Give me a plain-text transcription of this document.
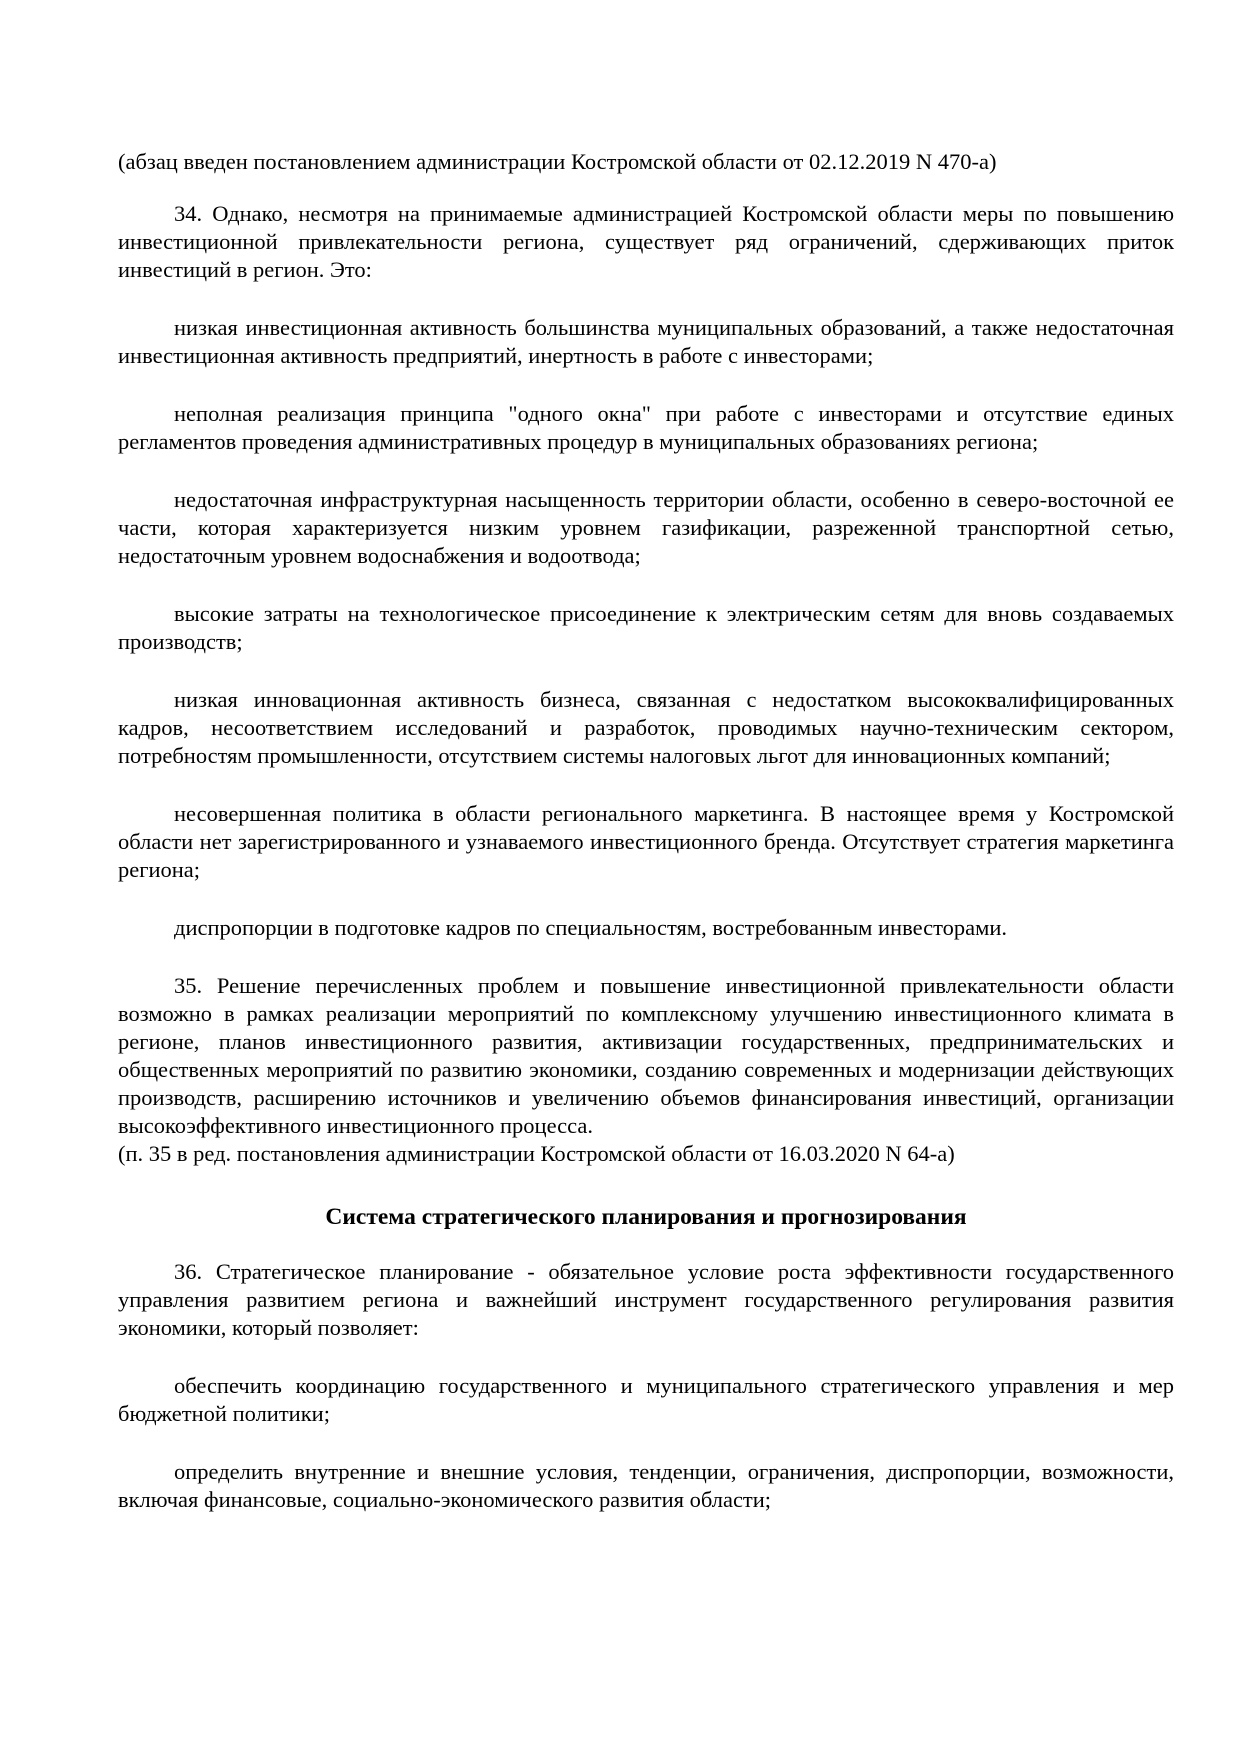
(абзац введен постановлением администрации Костромской области от 02.12.2019 N 470-а)

34. Однако, несмотря на принимаемые администрацией Костромской области меры по повышению инвестиционной привлекательности региона, существует ряд ограничений, сдерживающих приток инвестиций в регион. Это:

низкая инвестиционная активность большинства муниципальных образований, а также недостаточная инвестиционная активность предприятий, инертность в работе с инвесторами;

неполная реализация принципа "одного окна" при работе с инвесторами и отсутствие единых регламентов проведения административных процедур в муниципальных образованиях региона;

недостаточная инфраструктурная насыщенность территории области, особенно в северо-восточной ее части, которая характеризуется низким уровнем газификации, разреженной транспортной сетью, недостаточным уровнем водоснабжения и водоотвода;

высокие затраты на технологическое присоединение к электрическим сетям для вновь создаваемых производств;

низкая инновационная активность бизнеса, связанная с недостатком высококвалифицированных кадров, несоответствием исследований и разработок, проводимых научно-техническим сектором, потребностям промышленности, отсутствием системы налоговых льгот для инновационных компаний;

несовершенная политика в области регионального маркетинга. В настоящее время у Костромской области нет зарегистрированного и узнаваемого инвестиционного бренда. Отсутствует стратегия маркетинга региона;

диспропорции в подготовке кадров по специальностям, востребованным инвесторами.

35. Решение перечисленных проблем и повышение инвестиционной привлекательности области возможно в рамках реализации мероприятий по комплексному улучшению инвестиционного климата в регионе, планов инвестиционного развития, активизации государственных, предпринимательских и общественных мероприятий по развитию экономики, созданию современных и модернизации действующих производств, расширению источников и увеличению объемов финансирования инвестиций, организации высокоэффективного инвестиционного процесса.

(п. 35 в ред. постановления администрации Костромской области от 16.03.2020 N 64-а)

Система стратегического планирования и прогнозирования

36. Стратегическое планирование - обязательное условие роста эффективности государственного управления развитием региона и важнейший инструмент государственного регулирования развития экономики, который позволяет:

обеспечить координацию государственного и муниципального стратегического управления и мер бюджетной политики;

определить внутренние и внешние условия, тенденции, ограничения, диспропорции, возможности, включая финансовые, социально-экономического развития области;
